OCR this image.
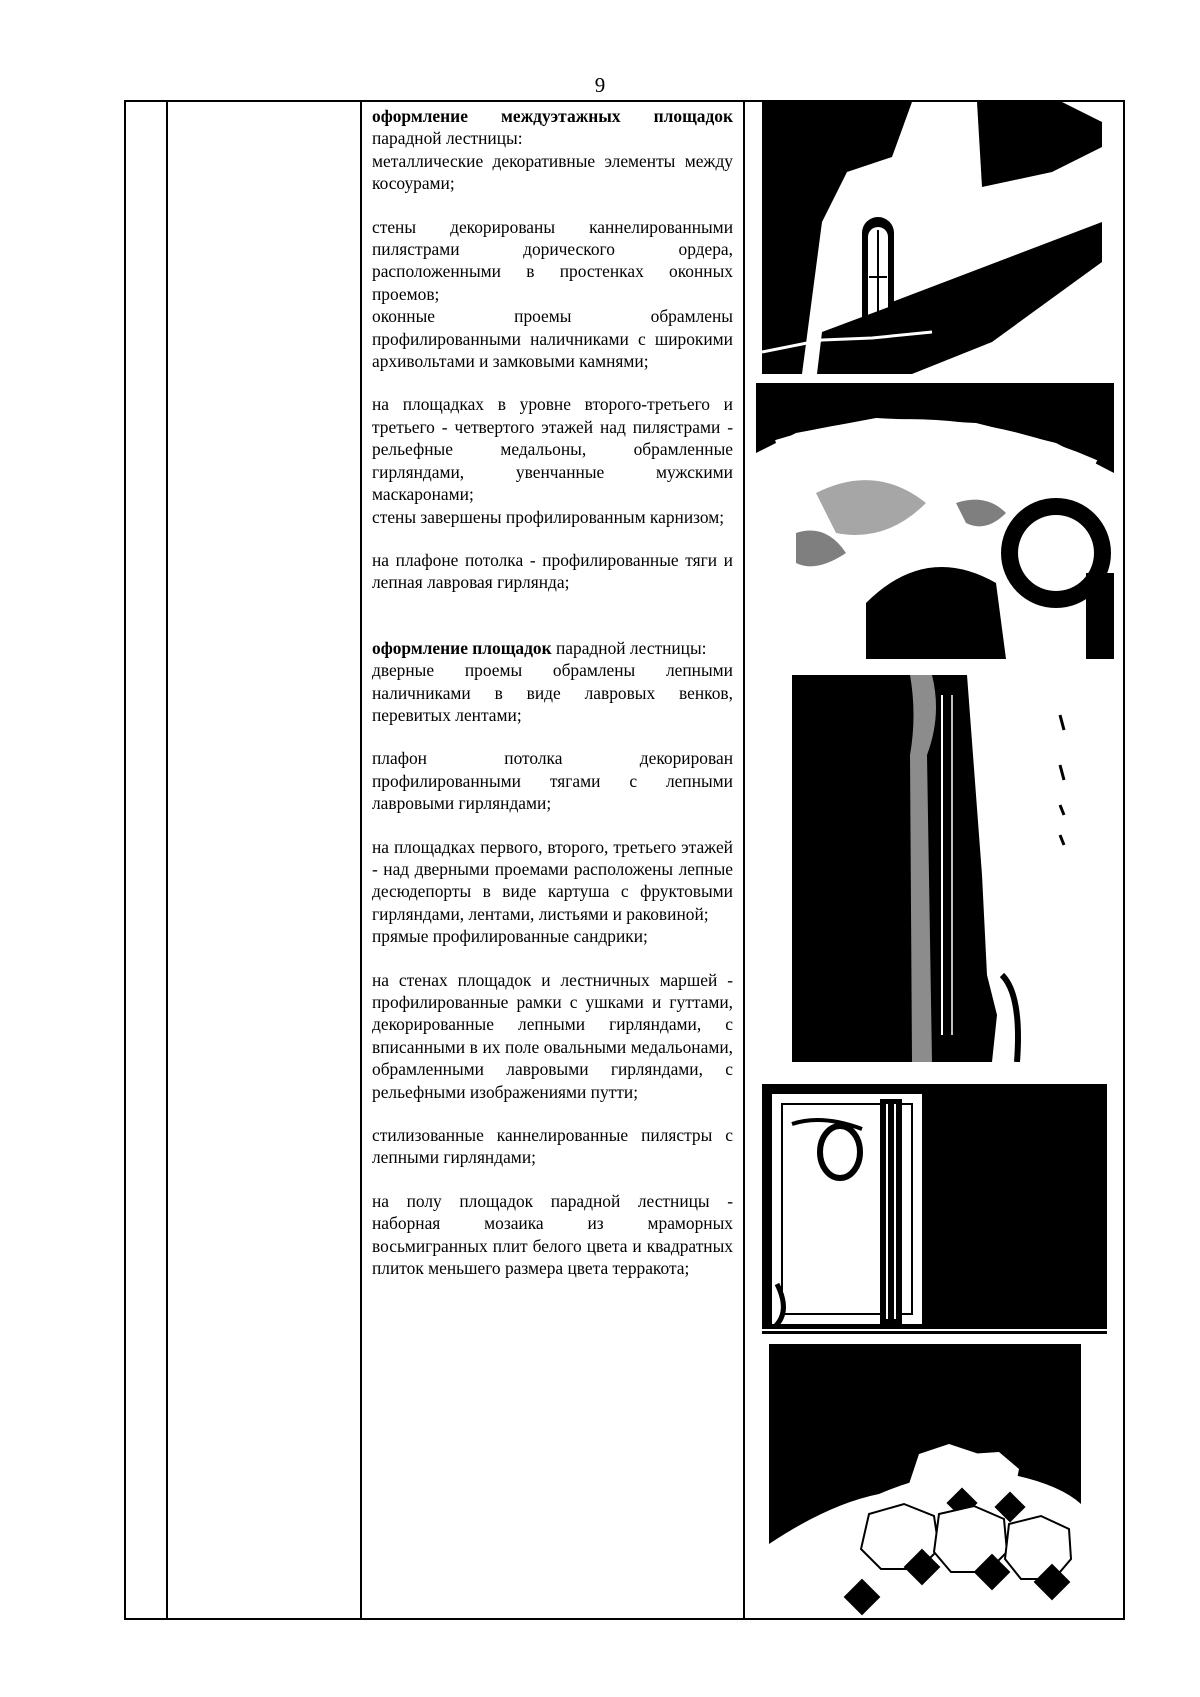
9

оформление междуэтажных площадок парадной лестницы:
металлические декоративные элементы между косоурами;

стены декорированы каннелированными пилястрами дорического ордера, расположенными в простенках оконных проемов;
оконные проемы обрамлены профилированными наличниками с широкими архивольтами и замковыми камнями;

на площадках в уровне второго-третьего и третьего - четвертого этажей над пилястрами - рельефные медальоны, обрамленные гирляндами, увенчанные мужскими маскаронами;
стены завершены профилированным карнизом;

на плафоне потолка - профилированные тяги и лепная лавровая гирлянда;

оформление площадок парадной лестницы:
дверные проемы обрамлены лепными наличниками в виде лавровых венков, перевитых лентами;

плафон потолка декорирован профилированными тягами с лепными лавровыми гирляндами;

на площадках первого, второго, третьего этажей - над дверными проемами расположены лепные десюдепорты в виде картуша с фруктовыми гирляндами, лентами, листьями и раковиной;
прямые профилированные сандрики;

на стенах площадок и лестничных маршей - профилированные рамки с ушками и гуттами, декорированные лепными гирляндами, с вписанными в их поле овальными медальонами, обрамленными лавровыми гирляндами, с рельефными изображениями путти;

стилизованные каннелированные пилястры с лепными гирляндами;

на полу площадок парадной лестницы - наборная мозаика из мраморных восьмигранных плит белого цвета и квадратных плиток меньшего размера цвета терракота;
